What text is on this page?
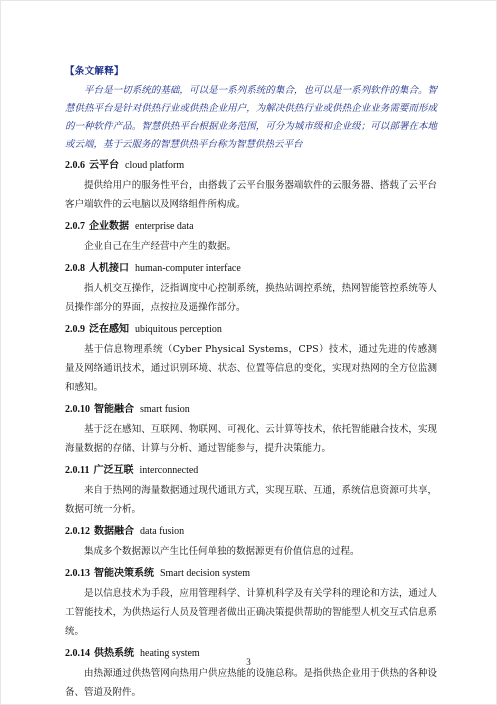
【条文解释】

平台是一切系统的基础，可以是一系列系统的集合，也可以是一系列软件的集合。智慧供热平台是针对供热行业或供热企业用户，为解决供热行业或供热企业业务需要而形成的一种软件产品。智慧供热平台根据业务范围，可分为城市级和企业级；可以部署在本地或云端，基于云服务的智慧供热平台称为智慧供热云平台

2.0.6 云平台 cloud platform

提供给用户的服务性平台，由搭载了云平台服务器端软件的云服务器、搭载了云平台客户端软件的云电脑以及网络组件所构成。

2.0.7 企业数据 enterprise data

企业自己在生产经营中产生的数据。

2.0.8 人机接口 human-computer interface

指人机交互操作，泛指调度中心控制系统，换热站调控系统，热网智能管控系统等人员操作部分的界面，点按拉及遥操作部分。

2.0.9 泛在感知 ubiquitous perception

基于信息物理系统（Cyber Physical Systems，CPS）技术，通过先进的传感测量及网络通讯技术，通过识别环境、状态、位置等信息的变化，实现对热网的全方位监测和感知。

2.0.10 智能融合 smart fusion

基于泛在感知、互联网、物联网、可视化、云计算等技术，依托智能融合技术，实现海量数据的存储、计算与分析、通过智能参与，提升决策能力。

2.0.11 广泛互联 interconnected

来自于热网的海量数据通过现代通讯方式，实现互联、互通，系统信息资源可共享，数据可统一分析。

2.0.12 数据融合 data fusion

集成多个数据源以产生比任何单独的数据源更有价值信息的过程。

2.0.13 智能决策系统 Smart decision system

是以信息技术为手段，应用管理科学、计算机科学及有关学科的理论和方法，通过人工智能技术，为供热运行人员及管理者做出正确决策提供帮助的智能型人机交互式信息系统。

2.0.14 供热系统 heating system

由热源通过供热管网向热用户供应热能的设施总称。是指供热企业用于供热的各种设备、管道及附件。

3
